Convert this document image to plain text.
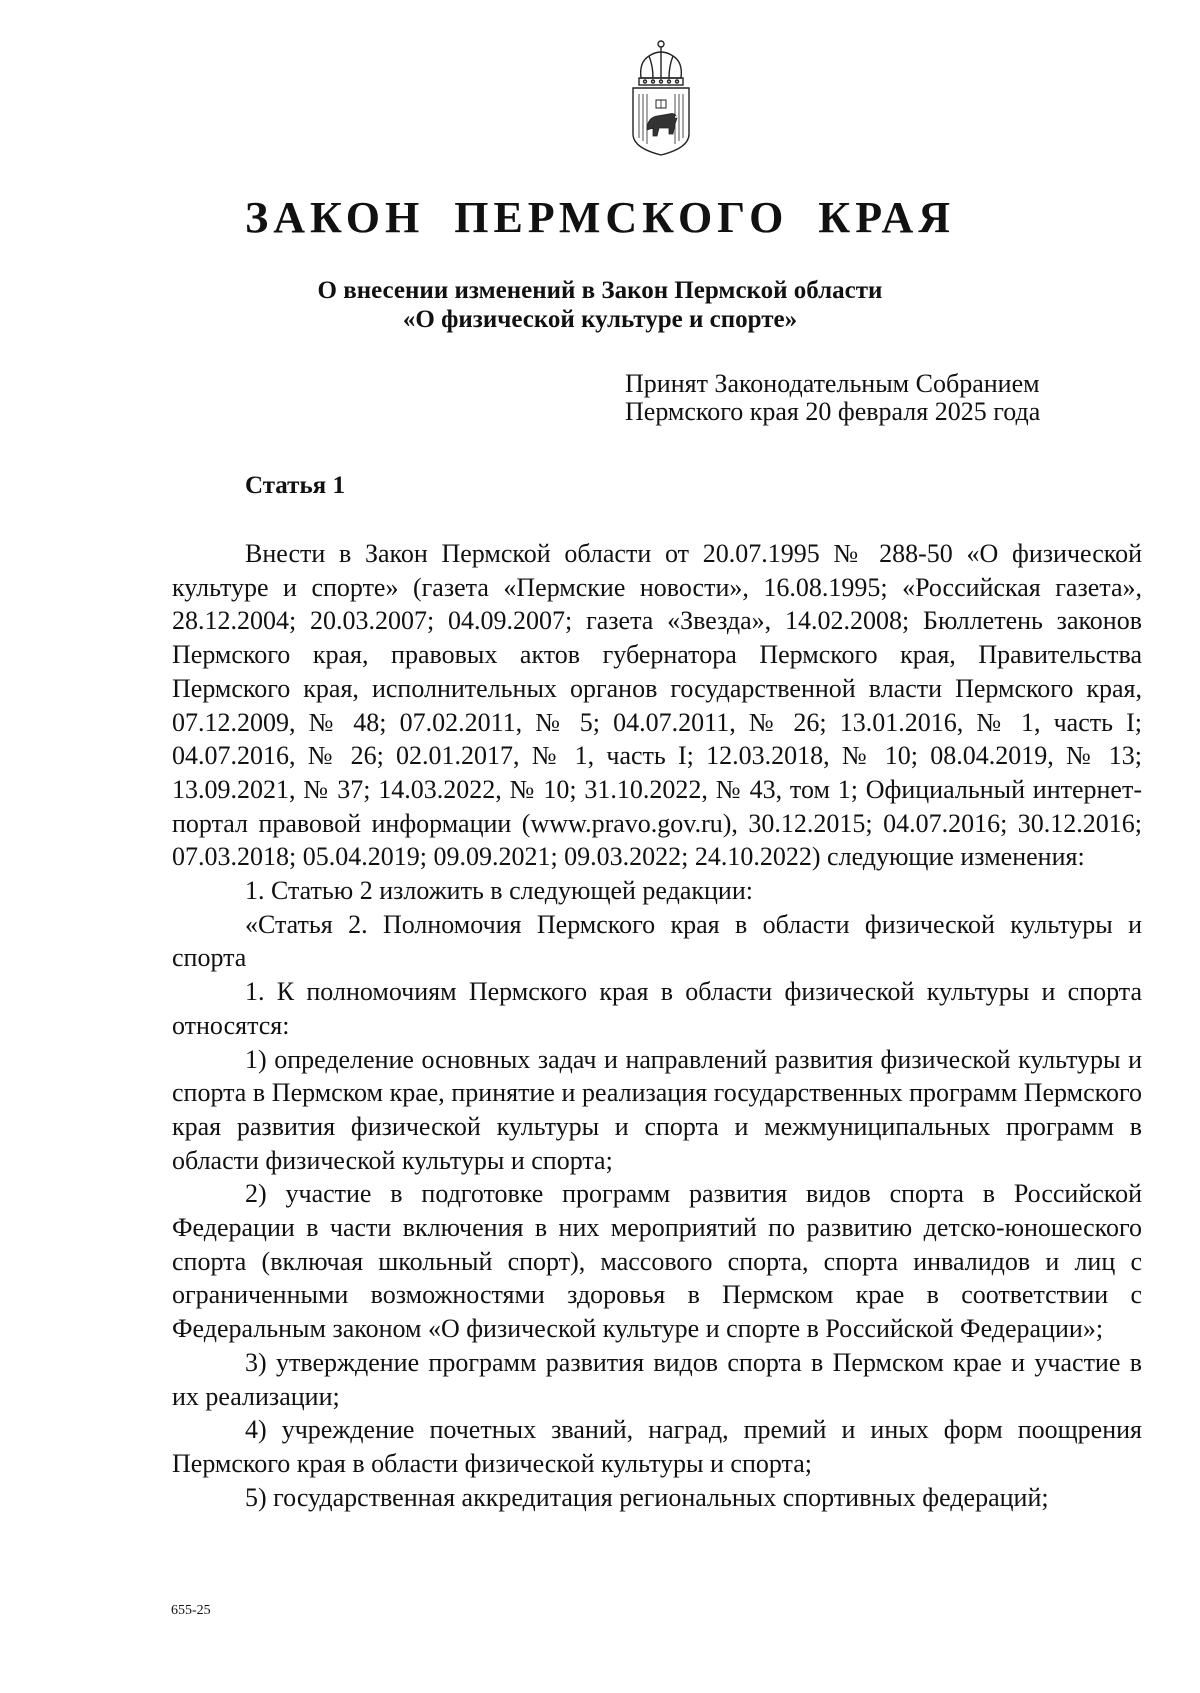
ЗАКОН ПЕРМСКОГО КРАЯ
О внесении изменений в Закон Пермской области
«О физической культуре и спорте»
Принят Законодательным Собранием
Пермского края 20 февраля 2025 года
Статья 1

Внести в Закон Пермской области от 20.07.1995 № 288-50 «О физической культуре и спорте» (газета «Пермские новости», 16.08.1995; «Российская газета», 28.12.2004; 20.03.2007; 04.09.2007; газета «Звезда», 14.02.2008; Бюллетень законов Пермского края, правовых актов губернатора Пермского края, Правительства Пермского края, исполнительных органов государственной власти Пермского края, 07.12.2009, № 48; 07.02.2011, № 5; 04.07.2011, № 26; 13.01.2016, № 1, часть I; 04.07.2016, № 26; 02.01.2017, № 1, часть I; 12.03.2018, № 10; 08.04.2019, № 13; 13.09.2021, № 37; 14.03.2022, № 10; 31.10.2022, № 43, том 1; Официальный интернет-портал правовой информации (www.pravo.gov.ru), 30.12.2015; 04.07.2016; 30.12.2016; 07.03.2018; 05.04.2019; 09.09.2021; 09.03.2022; 24.10.2022) следующие изменения:

1. Статью 2 изложить в следующей редакции:

«Статья 2. Полномочия Пермского края в области физической культуры и спорта

1. К полномочиям Пермского края в области физической культуры и спорта относятся:

1) определение основных задач и направлений развития физической культуры и спорта в Пермском крае, принятие и реализация государственных программ Пермского края развития физической культуры и спорта и межмуниципальных программ в области физической культуры и спорта;

2) участие в подготовке программ развития видов спорта в Российской Федерации в части включения в них мероприятий по развитию детско-юношеского спорта (включая школьный спорт), массового спорта, спорта инвалидов и лиц с ограниченными возможностями здоровья в Пермском крае в соответствии с Федеральным законом «О физической культуре и спорте в Российской Федерации»;

3) утверждение программ развития видов спорта в Пермском крае и участие в их реализации;

4) учреждение почетных званий, наград, премий и иных форм поощрения Пермского края в области физической культуры и спорта;

5) государственная аккредитация региональных спортивных федераций;

655-25
